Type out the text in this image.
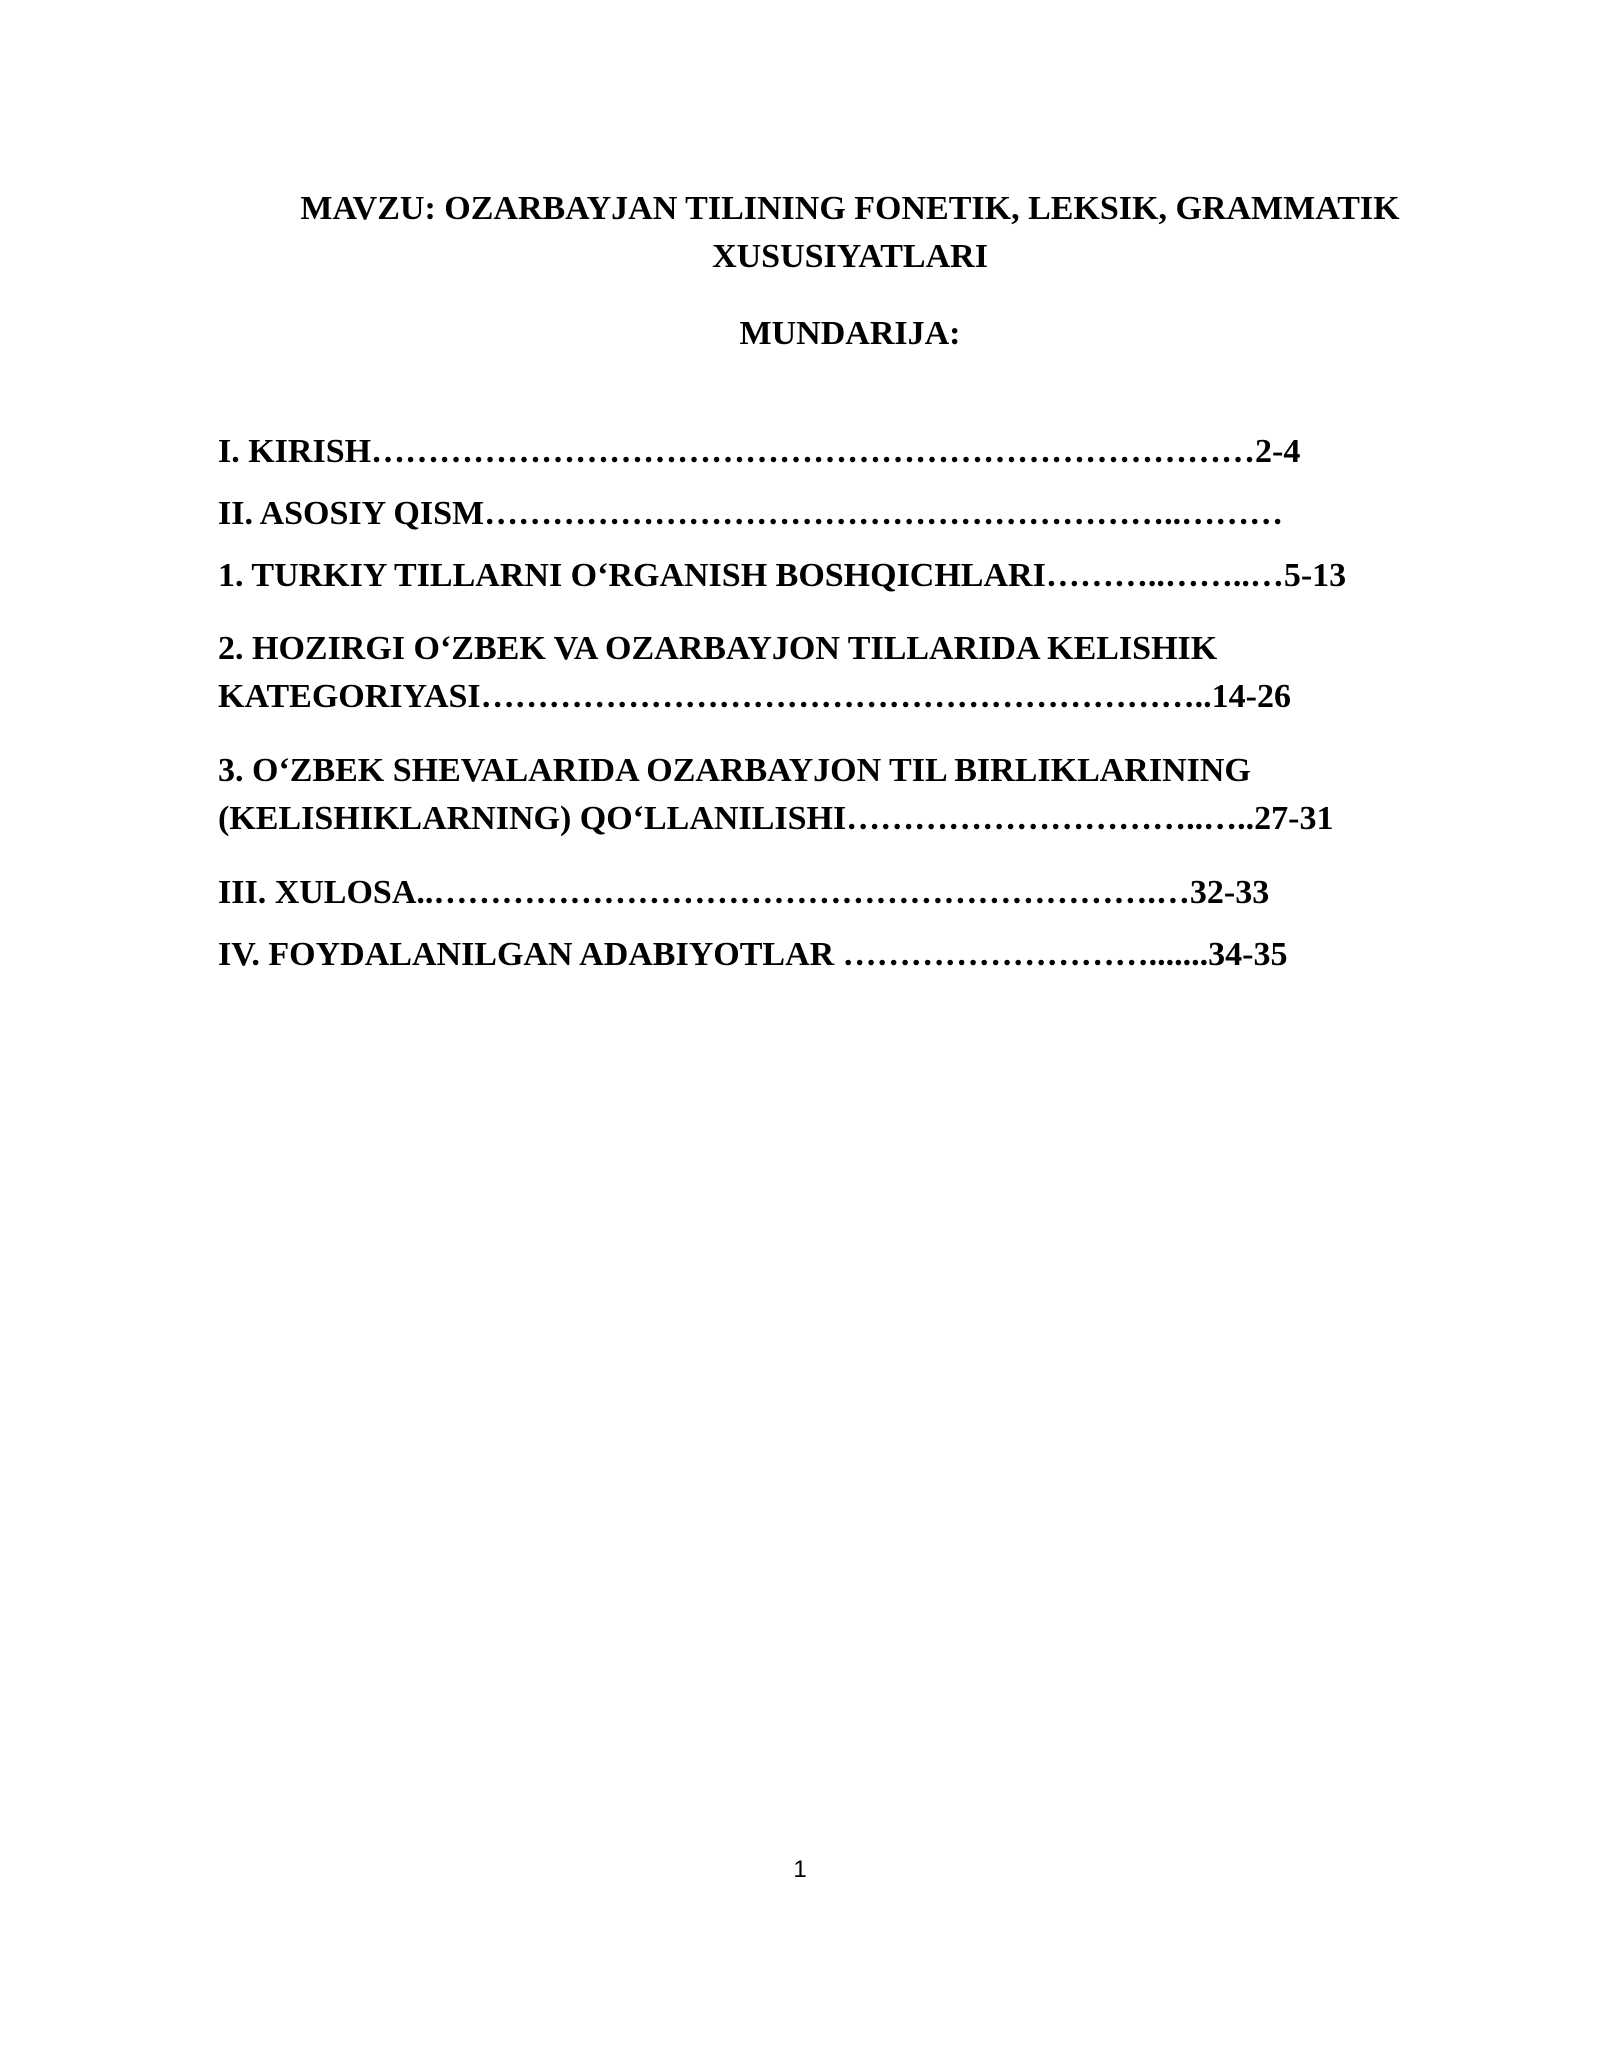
MAVZU: OZARBAYJAN TILINING FONETIK, LEKSIK, GRAMMATIK
XUSUSIYATLARI
MUNDARIJA:
I. KIRISH……………………………………………………………………2-4
II. ASOSIY QISM……………………………………………………..………
1. TURKIY TILLARNI O‘RGANISH BOSHQICHLARI………..……..…5-13
2. HOZIRGI O‘ZBEK VA OZARBAYJON TILLARIDA KELISHIK
KATEGORIYASI………………………………………………………..14-26
3. O‘ZBEK SHEVALARIDA OZARBAYJON TIL BIRLIKLARINING
(KELISHIKLARNING) QO‘LLANILISHI…………………………..…..27-31
III. XULOSA..……………………………………………………….…32-33
IV. FOYDALANILGAN ADABIYOTLAR ……………………….......34-35
1
